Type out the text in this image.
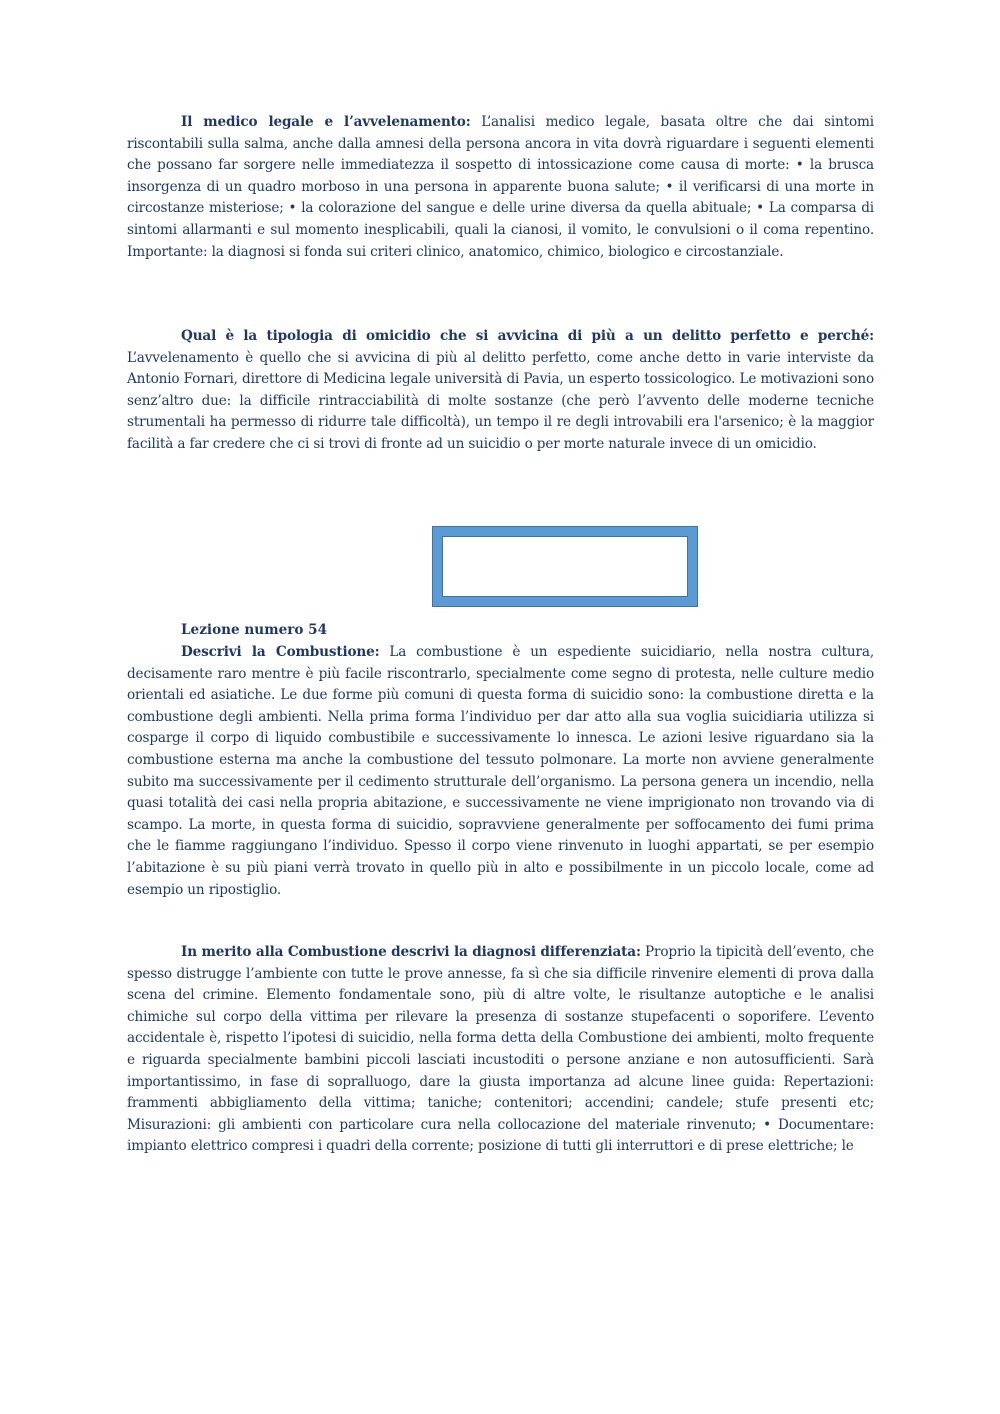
Il medico legale e l’avvelenamento: L’analisi medico legale, basata oltre che dai sintomi riscontabili sulla salma, anche dalla amnesi della persona ancora in vita dovrà riguardare i seguenti elementi che possano far sorgere nelle immediatezza il sospetto di intossicazione come causa di morte: • la brusca insorgenza di un quadro morboso in una persona in apparente buona salute; • il verificarsi di una morte in circostanze misteriose; • la colorazione del sangue e delle urine diversa da quella abituale; • La comparsa di sintomi allarmanti e sul momento inesplicabili, quali la cianosi, il vomito, le convulsioni o il coma repentino. Importante: la diagnosi si fonda sui criteri clinico, anatomico, chimico, biologico e circostanziale.

Qual è la tipologia di omicidio che si avvicina di più a un delitto perfetto e perché: L’avvelenamento è quello che si avvicina di più al delitto perfetto, come anche detto in varie interviste da Antonio Fornari, direttore di Medicina legale università di Pavia, un esperto tossicologico. Le motivazioni sono senz’altro due: la difficile rintracciabilità di molte sostanze (che però l’avvento delle moderne tecniche strumentali ha permesso di ridurre tale difficoltà), un tempo il re degli introvabili era l'arsenico; è la maggior facilità a far credere che ci si trovi di fronte ad un suicidio o per morte naturale invece di un omicidio.

Lezione numero 54

Descrivi la Combustione: La combustione è un espediente suicidiario, nella nostra cultura, decisamente raro mentre è più facile riscontrarlo, specialmente come segno di protesta, nelle culture medio orientali ed asiatiche. Le due forme più comuni di questa forma di suicidio sono: la combustione diretta e la combustione degli ambienti. Nella prima forma l’individuo per dar atto alla sua voglia suicidiaria utilizza si cosparge il corpo di liquido combustibile e successivamente lo innesca. Le azioni lesive riguardano sia la combustione esterna ma anche la combustione del tessuto polmonare. La morte non avviene generalmente subito ma successivamente per il cedimento strutturale dell’organismo. La persona genera un incendio, nella quasi totalità dei casi nella propria abitazione, e successivamente ne viene imprigionato non trovando via di scampo. La morte, in questa forma di suicidio, sopravviene generalmente per soffocamento dei fumi prima che le fiamme raggiungano l’individuo. Spesso il corpo viene rinvenuto in luoghi appartati, se per esempio l’abitazione è su più piani verrà trovato in quello più in alto e possibilmente in un piccolo locale, come ad esempio un ripostiglio.

In merito alla Combustione descrivi la diagnosi differenziata: Proprio la tipicità dell’evento, che spesso distrugge l’ambiente con tutte le prove annesse, fa sì che sia difficile rinvenire elementi di prova dalla scena del crimine. Elemento fondamentale sono, più di altre volte, le risultanze autoptiche e le analisi chimiche sul corpo della vittima per rilevare la presenza di sostanze stupefacenti o soporifere. L’evento accidentale è, rispetto l’ipotesi di suicidio, nella forma detta della Combustione dei ambienti, molto frequente e riguarda specialmente bambini piccoli lasciati incustoditi o persone anziane e non autosufficienti. Sarà importantissimo, in fase di sopralluogo, dare la giusta importanza ad alcune linee guida: Repertazioni: frammenti abbigliamento della vittima; taniche; contenitori; accendini; candele; stufe presenti etc; Misurazioni: gli ambienti con particolare cura nella collocazione del materiale rinvenuto; • Documentare: impianto elettrico compresi i quadri della corrente; posizione di tutti gli interruttori e di prese elettriche; le
